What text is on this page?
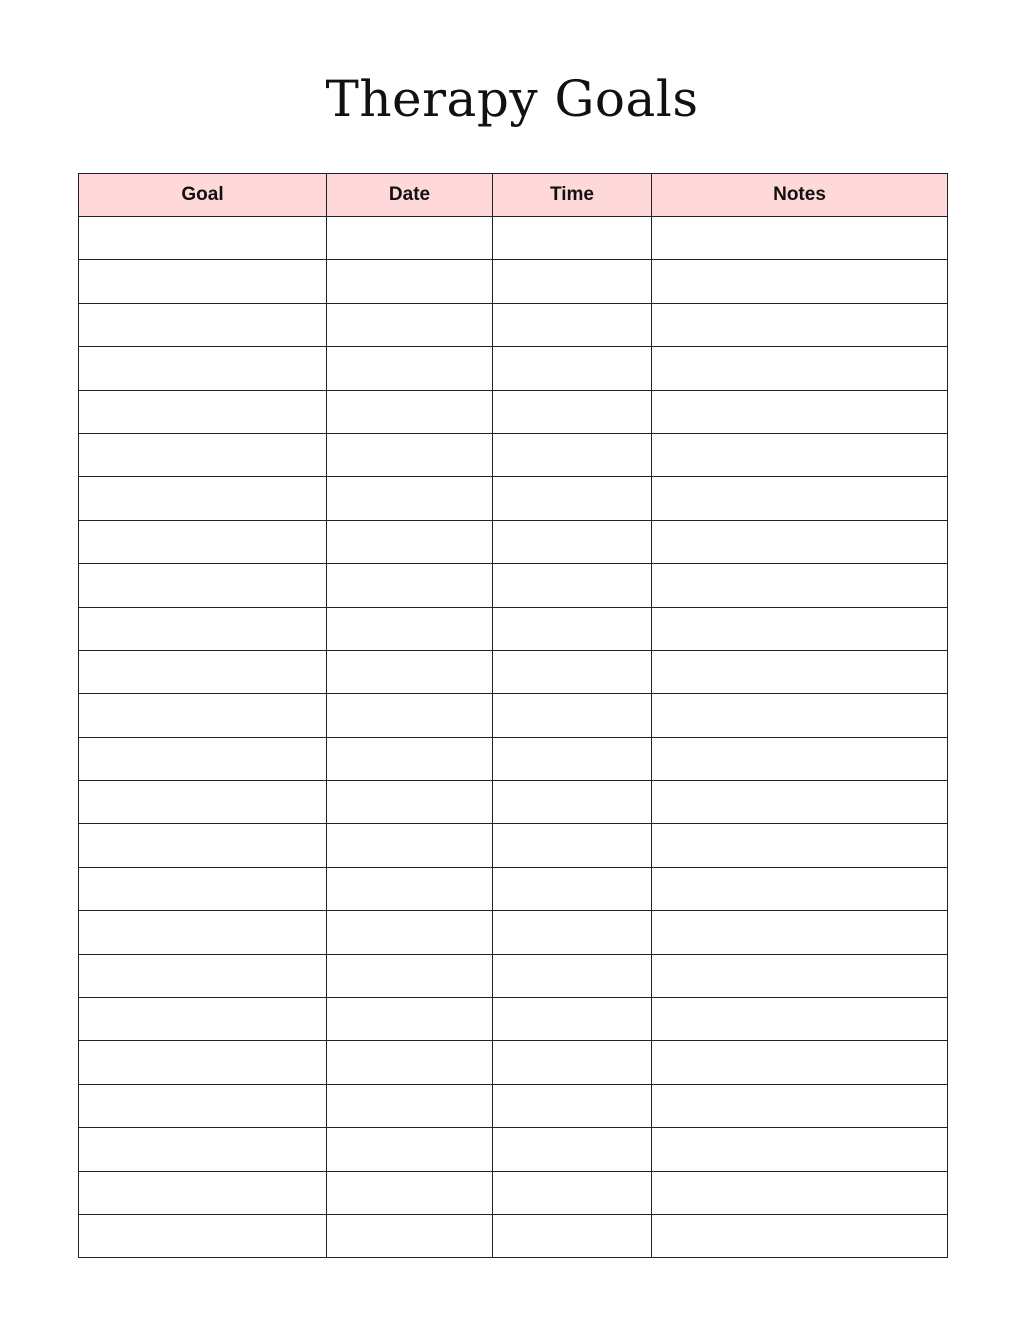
Therapy Goals
Goal	Date	Time	Notes
